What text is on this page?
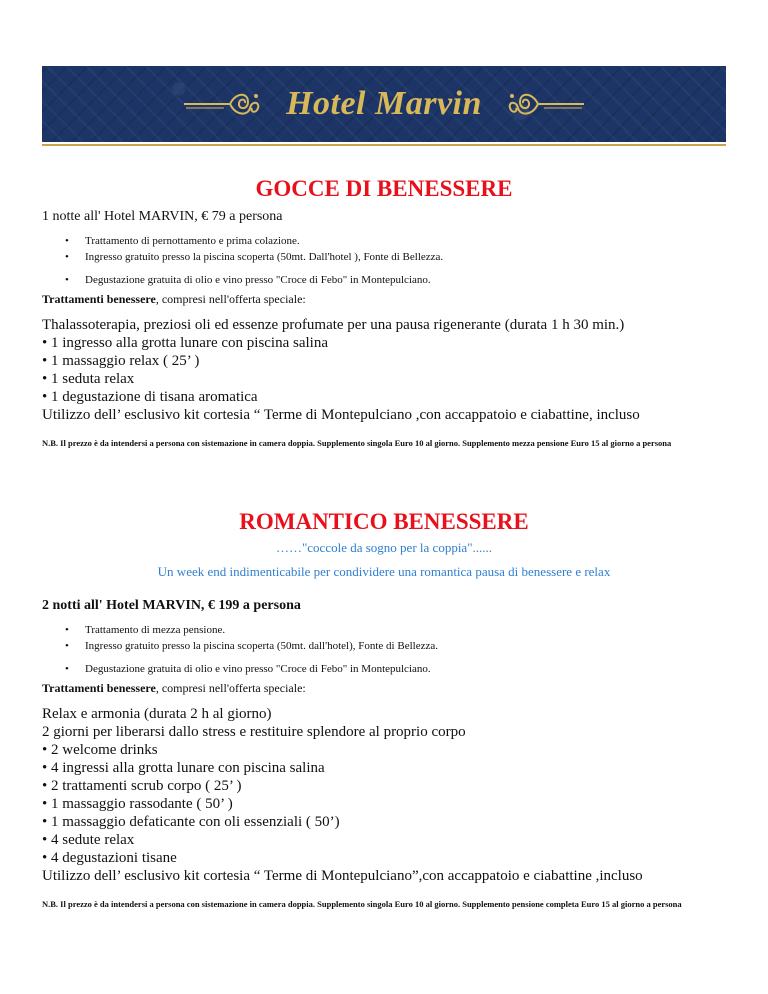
Hotel Marvin
GOCCE DI BENESSERE

1 notte all' Hotel MARVIN, € 79 a persona

• Trattamento di pernottamento e prima colazione.
• Ingresso gratuito presso la piscina scoperta (50mt. Dall'hotel ), Fonte di Bellezza.
• Degustazione gratuita di olio e vino presso "Croce di Febo" in Montepulciano.

Trattamenti benessere, compresi nell'offerta speciale:

Thalassoterapia, preziosi oli ed essenze profumate per una pausa rigenerante (durata 1 h 30 min.)
• 1 ingresso alla grotta lunare con piscina salina
• 1 massaggio relax ( 25’ )
• 1 seduta relax
• 1 degustazione di tisana aromatica
Utilizzo dell’ esclusivo kit cortesia “ Terme di Montepulciano ,con accappatoio e ciabattine, incluso

N.B. Il prezzo è da intendersi a persona con sistemazione in camera doppia. Supplemento singola Euro 10 al giorno. Supplemento mezza pensione Euro 15 al giorno a persona

ROMANTICO BENESSERE

……"coccole da sogno per la coppia"......

Un week end indimenticabile per condividere una romantica pausa di benessere e relax

2 notti all' Hotel MARVIN, € 199 a persona

• Trattamento di mezza pensione.
• Ingresso gratuito presso la piscina scoperta (50mt. dall'hotel), Fonte di Bellezza.
• Degustazione gratuita di olio e vino presso "Croce di Febo" in Montepulciano.

Trattamenti benessere, compresi nell'offerta speciale:

Relax e armonia (durata 2 h al giorno)
2 giorni per liberarsi dallo stress e restituire splendore al proprio corpo
• 2 welcome drinks
• 4 ingressi alla grotta lunare con piscina salina
• 2 trattamenti scrub corpo ( 25’ )
• 1 massaggio rassodante ( 50’ )
• 1 massaggio defaticante con oli essenziali ( 50’)
• 4 sedute relax
• 4 degustazioni tisane
Utilizzo dell’ esclusivo kit cortesia “ Terme di Montepulciano”,con accappatoio e ciabattine ,incluso

N.B. Il prezzo è da intendersi a persona con sistemazione in camera doppia. Supplemento singola Euro 10 al giorno. Supplemento pensione completa Euro 15 al giorno a persona
